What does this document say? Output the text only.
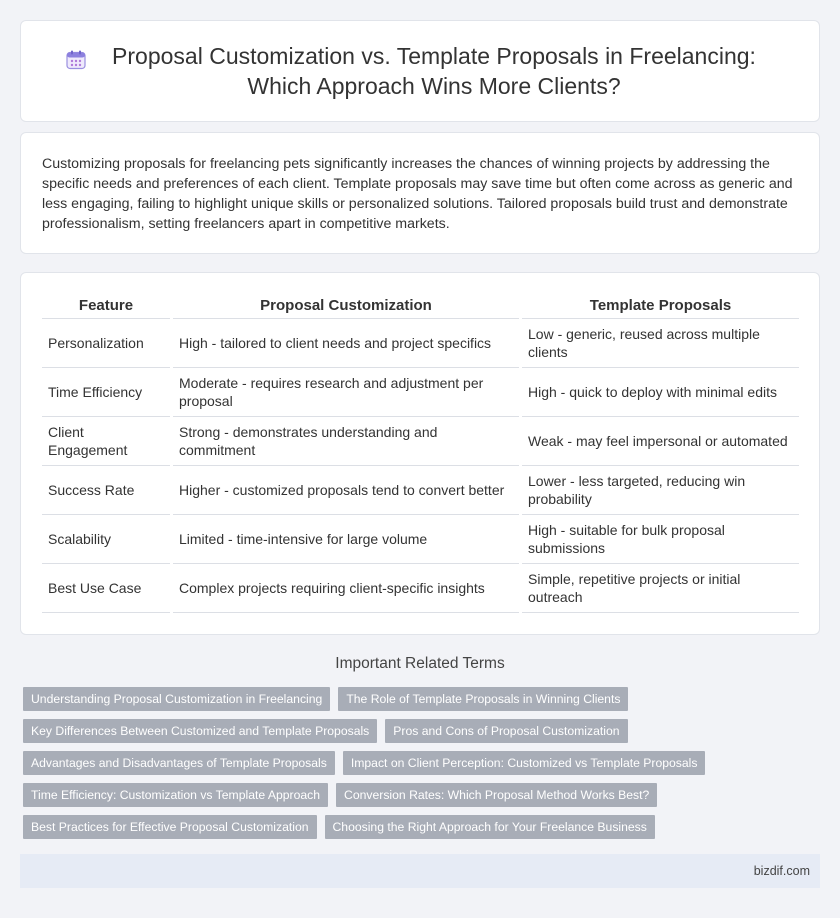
Proposal Customization vs. Template Proposals in Freelancing: Which Approach Wins More Clients?

Customizing proposals for freelancing pets significantly increases the chances of winning projects by addressing the specific needs and preferences of each client. Template proposals may save time but often come across as generic and less engaging, failing to highlight unique skills or personalized solutions. Tailored proposals build trust and demonstrate professionalism, setting freelancers apart in competitive markets.

Feature		Proposal Customization		Template Proposals
Personalization		High - tailored to client needs and project specifics		Low - generic, reused across multiple clients
Time Efficiency		Moderate - requires research and adjustment per proposal		High - quick to deploy with minimal edits
Client Engagement		Strong - demonstrates understanding and commitment		Weak - may feel impersonal or automated
Success Rate		Higher - customized proposals tend to convert better		Lower - less targeted, reducing win probability
Scalability		Limited - time-intensive for large volume		High - suitable for bulk proposal submissions
Best Use Case		Complex projects requiring client-specific insights		Simple, repetitive projects or initial outreach
Important Related Terms
Understanding Proposal Customization in Freelancing	The Role of Template Proposals in Winning Clients
Key Differences Between Customized and Template Proposals	Pros and Cons of Proposal Customization
Advantages and Disadvantages of Template Proposals	Impact on Client Perception: Customized vs Template Proposals
Time Efficiency: Customization vs Template Approach	Conversion Rates: Which Proposal Method Works Best?
Best Practices for Effective Proposal Customization	Choosing the Right Approach for Your Freelance Business
bizdif.com
